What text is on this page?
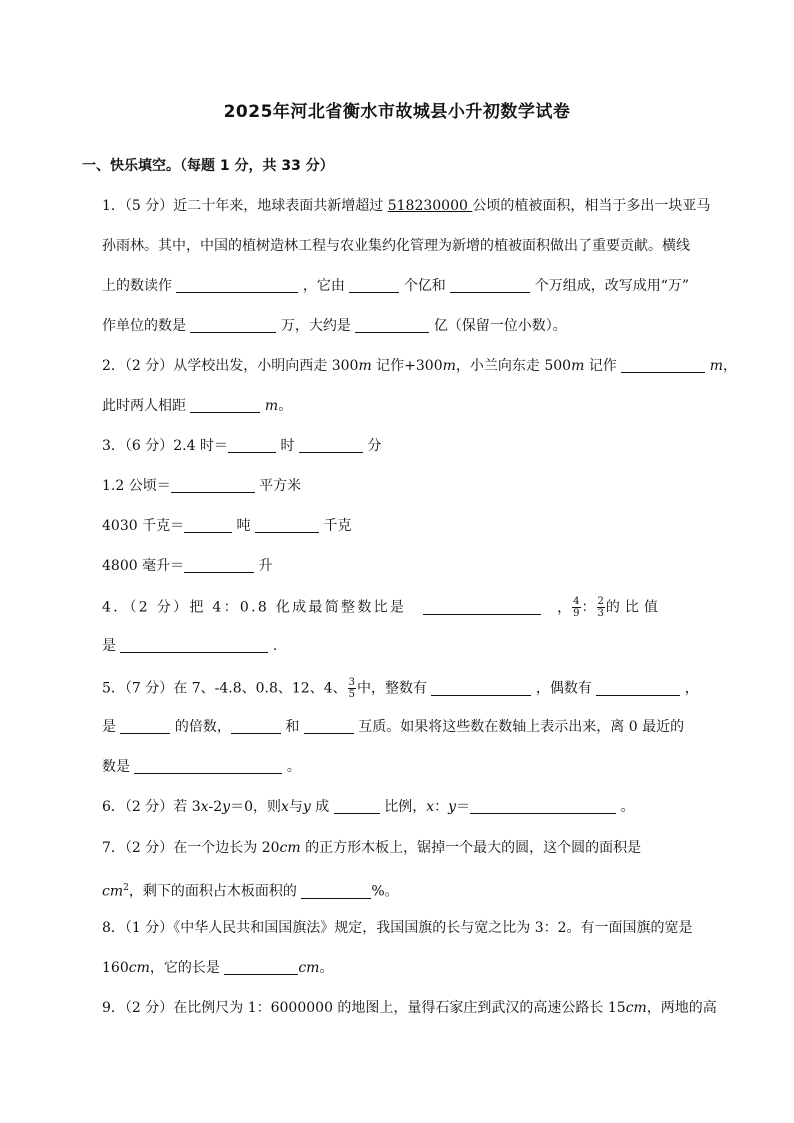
2025年河北省衡水市故城县小升初数学试卷
一、快乐填空。（每题 1 分，共 33 分）
1．（5 分）近二十年来，地球表面共新增超过 518230000 公顷的植被面积，相当于多出一块亚马
孙雨林。其中，中国的植树造林工程与农业集约化管理为新增的植被面积做出了重要贡献。横线
上的数读作	，它由	个亿和	个万组成，改写成用“万”
作单位的数是	万，大约是	亿（保留一位小数）。
2．（2 分）从学校出发，小明向西走 300m 记作+300m，小兰向东走 500m 记作	m，
此时两人相距	m。
3．（6 分）2.4 时＝	时	分
1.2 公顷＝	平方米
4030 千克＝	吨	千克
4800 毫升＝	升
4．（2 分）把 4：0.8 化成最简整数比是	， $\frac{4}{9}$ ： $\frac{2}{3}$ 的比值
是	.
5．（7 分）在 7、-4.8、0.8、12、4、 $\frac{3}{5}$ 中，整数有	，偶数有	，
是	的倍数，	和	互质。如果将这些数在数轴上表示出来，离 0 最近的
数是	。
6．（2 分）若 3x-2y＝0，则x与y 成	比例，x：y＝	。
7．（2 分）在一个边长为 20cm 的正方形木板上，锯掉一个最大的圆，这个圆的面积是
$cm^2$，剩下的面积占木板面积的	%。
8．（1 分）《中华人民共和国国旗法》规定，我国国旗的长与宽之比为 3：2。有一面国旗的宽是
160cm，它的长是	cm。
9．（2 分）在比例尺为 1：6000000 的地图上，量得石家庄到武汉的高速公路长 15cm，两地的高
